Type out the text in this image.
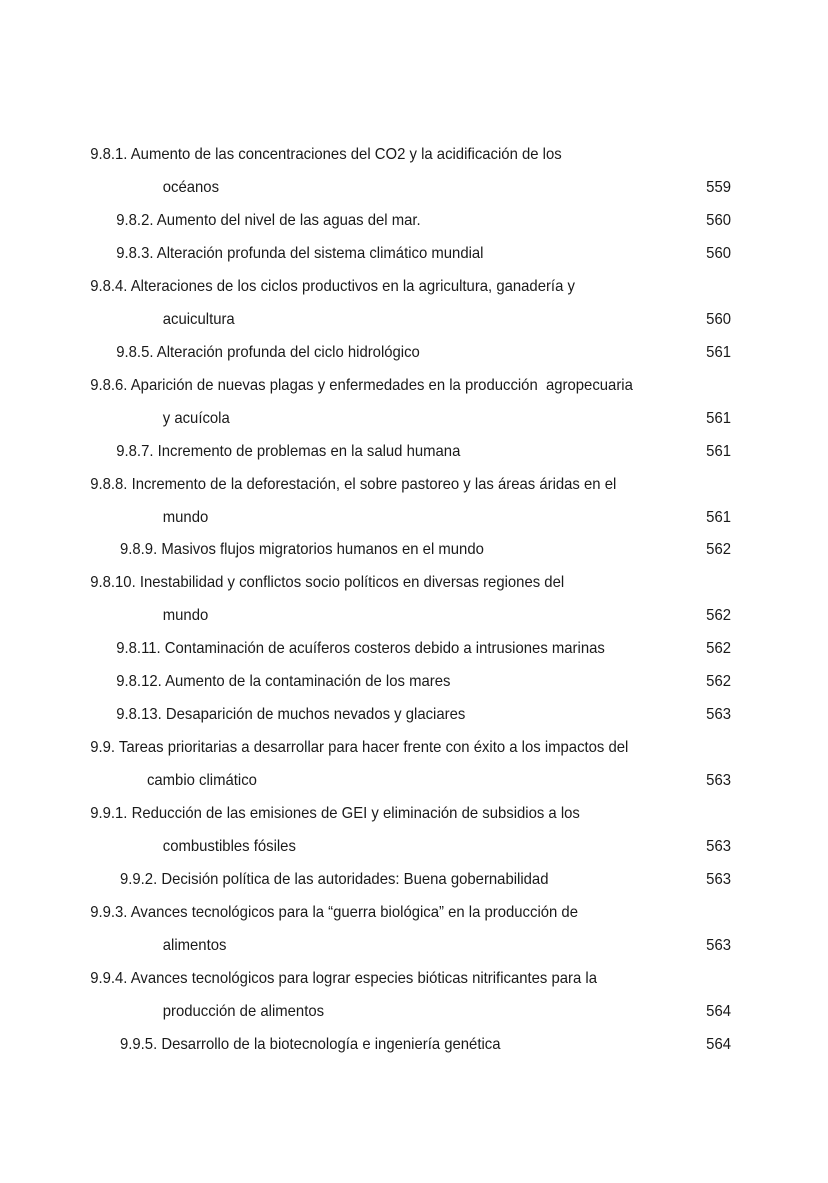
9.8.1. Aumento de las concentraciones del CO2 y la acidificación de los
océanos	559
9.8.2. Aumento del nivel de las aguas del mar.	560
9.8.3. Alteración profunda del sistema climático mundial	560
9.8.4. Alteraciones de los ciclos productivos en la agricultura, ganadería y
acuicultura	560
9.8.5. Alteración profunda del ciclo hidrológico	561
9.8.6. Aparición de nuevas plagas y enfermedades en la producción  agropecuaria
y acuícola	561
9.8.7. Incremento de problemas en la salud humana	561
9.8.8. Incremento de la deforestación, el sobre pastoreo y las áreas áridas en el
mundo	561
9.8.9. Masivos flujos migratorios humanos en el mundo	562
9.8.10. Inestabilidad y conflictos socio políticos en diversas regiones del
mundo	562
9.8.11. Contaminación de acuíferos costeros debido a intrusiones marinas	562
9.8.12. Aumento de la contaminación de los mares	562
9.8.13. Desaparición de muchos nevados y glaciares	563
9.9. Tareas prioritarias a desarrollar para hacer frente con éxito a los impactos del
cambio climático	563
9.9.1. Reducción de las emisiones de GEI y eliminación de subsidios a los
combustibles fósiles	563
9.9.2. Decisión política de las autoridades: Buena gobernabilidad	563
9.9.3. Avances tecnológicos para la “guerra biológica” en la producción de
alimentos	563
9.9.4. Avances tecnológicos para lograr especies bióticas nitrificantes para la
producción de alimentos	564
9.9.5. Desarrollo de la biotecnología e ingeniería genética	564
